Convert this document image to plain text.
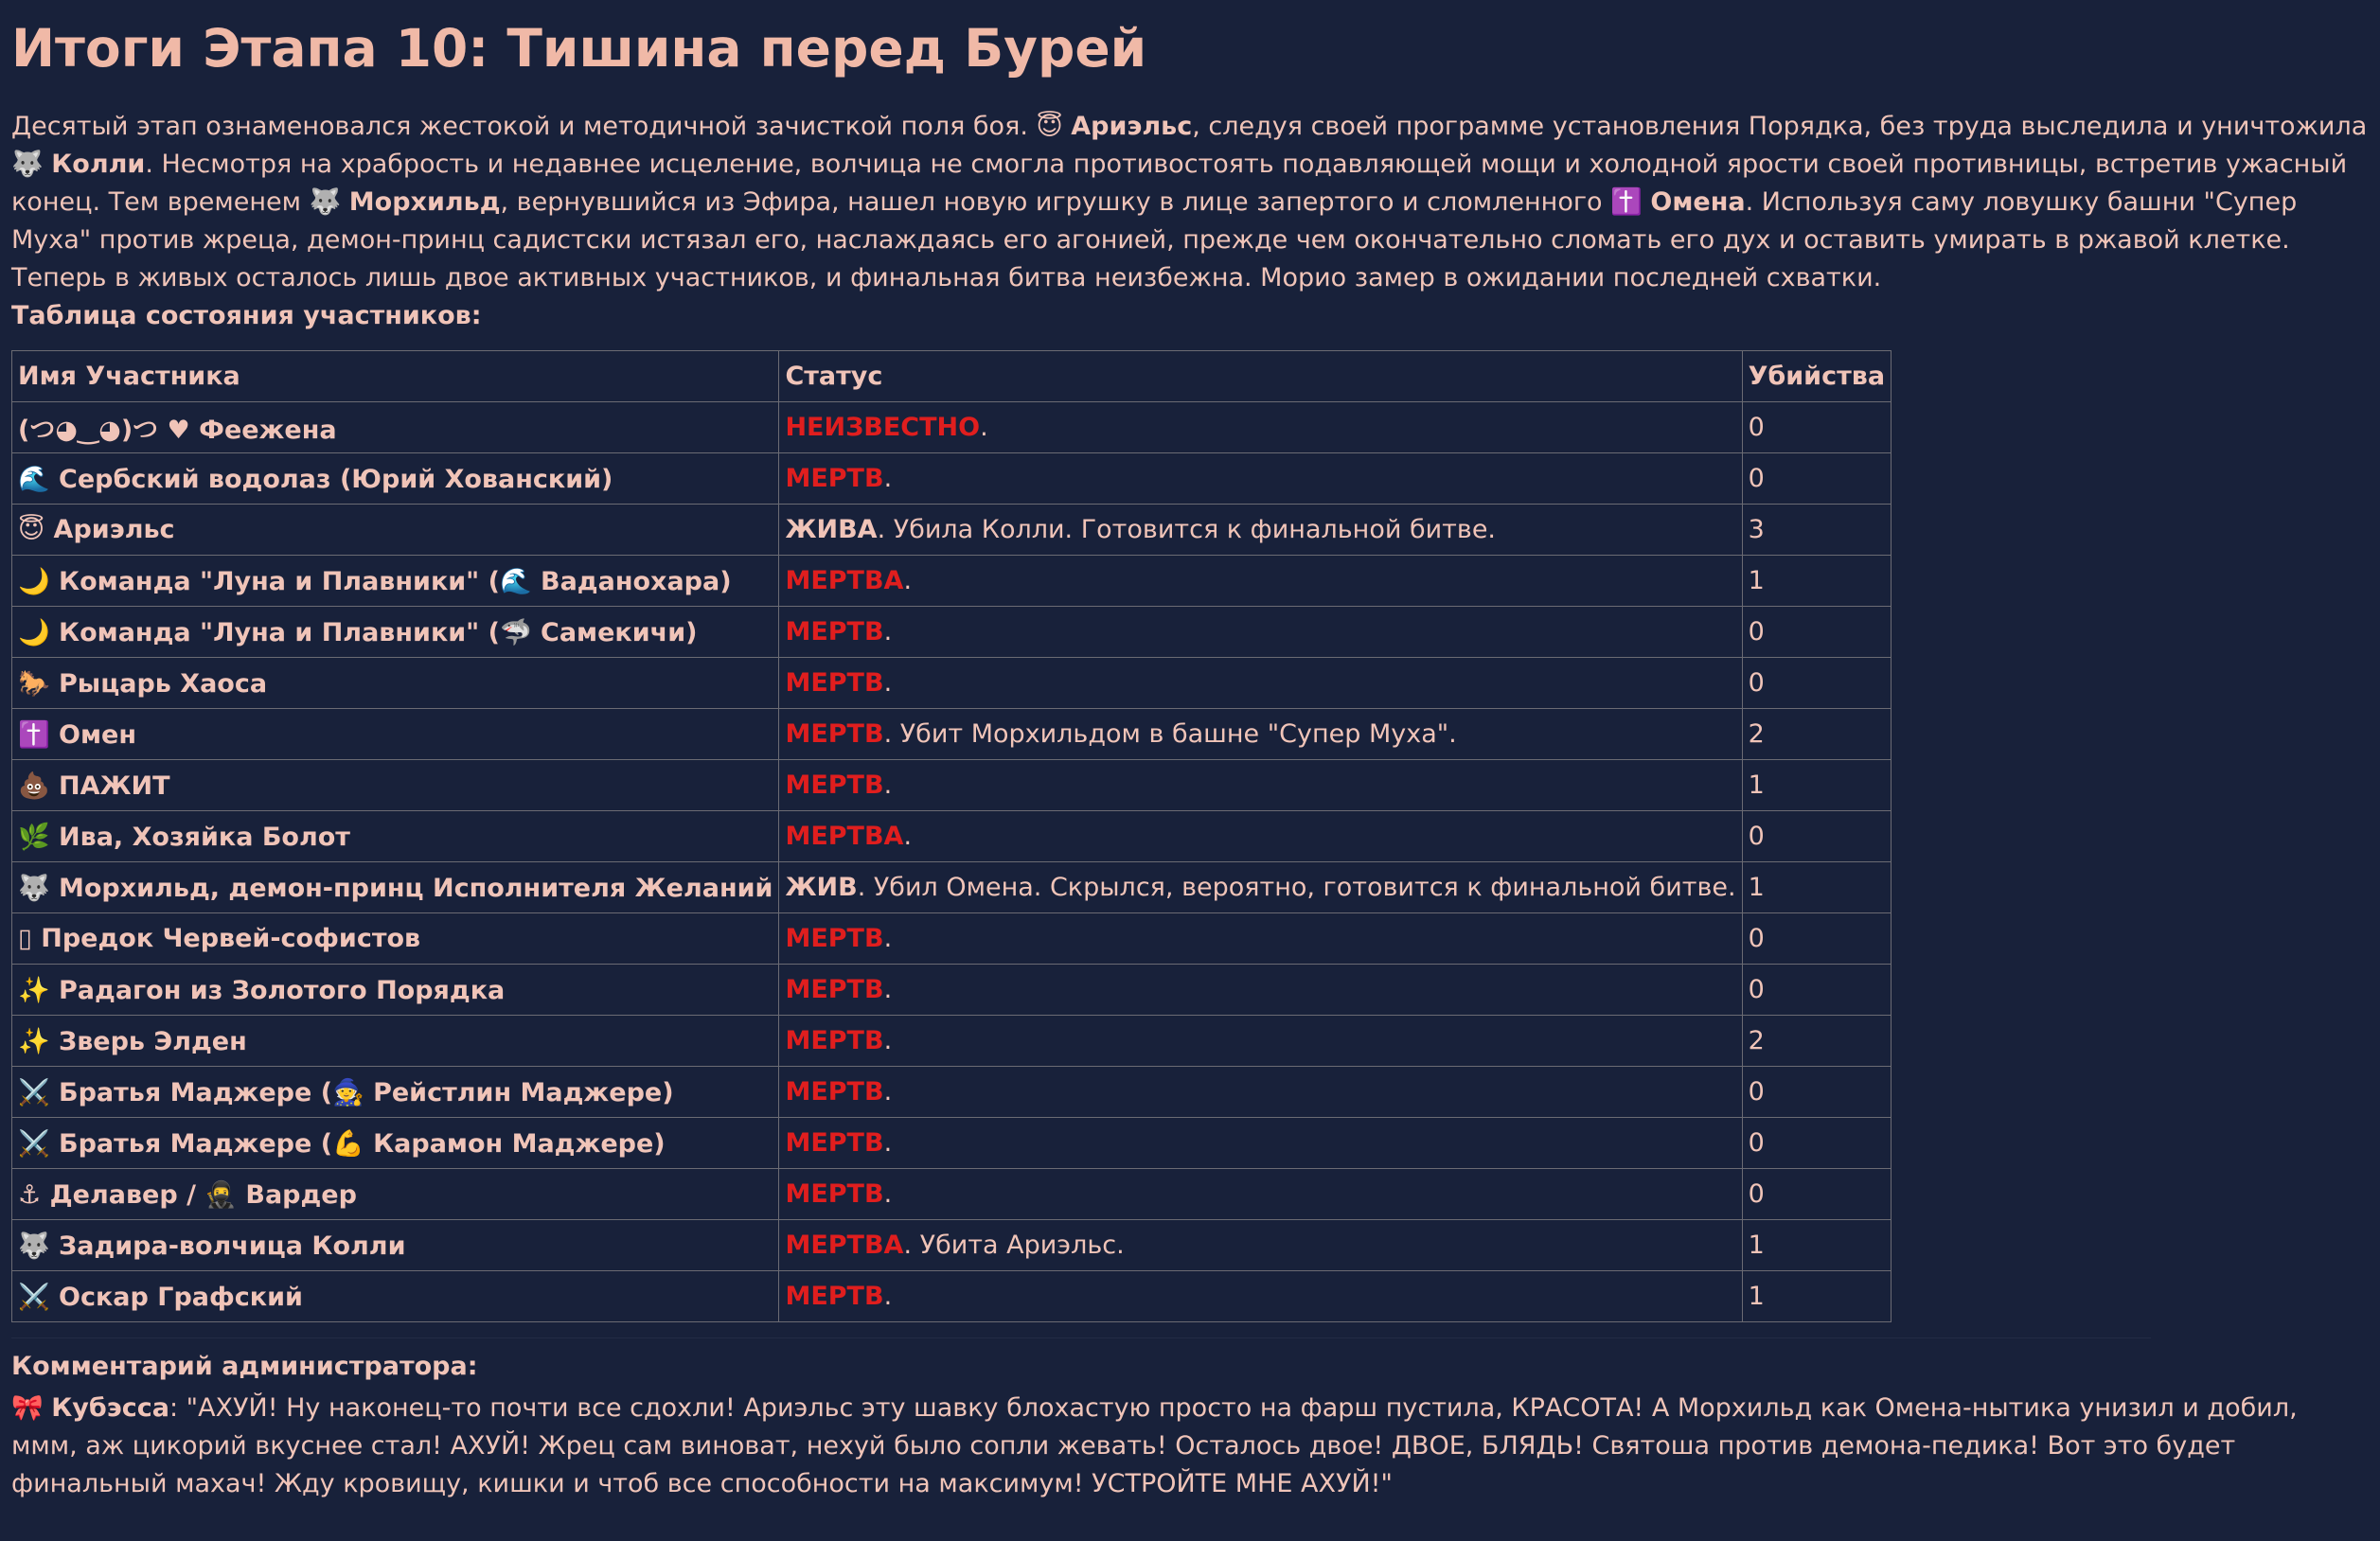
Итоги Этапа 10: Тишина перед Бурей

Десятый этап ознаменовался жестокой и методичной зачисткой поля боя. 😇 Ариэльс, следуя своей программе установления Порядка, без труда выследила и уничтожила 🐺 Колли. Несмотря на храбрость и недавнее исцеление, волчица не смогла противостоять подавляющей мощи и холодной ярости своей противницы, встретив ужасный конец. Тем временем 🐺 Морхильд, вернувшийся из Эфира, нашел новую игрушку в лице запертого и сломленного ✝️ Омена. Используя саму ловушку башни "Супер Муха" против жреца, демон-принц садистски истязал его, наслаждаясь его агонией, прежде чем окончательно сломать его дух и оставить умирать в ржавой клетке. Теперь в живых осталось лишь двое активных участников, и финальная битва неизбежна. Морио замер в ожидании последней схватки.

Таблица состояния участников:
Имя Участника	Статус	Убийства
(つ◕‿◕)つ ♥ Феежена	НЕИЗВЕСТНО.	0
🌊 Сербский водолаз (Юрий Хованский)	МЕРТВ.	0
😇 Ариэльс	ЖИВА. Убила Колли. Готовится к финальной битве.	3
🌙 Команда "Луна и Плавники" (🌊 Ваданохара)	МЕРТВА.	1
🌙 Команда "Луна и Плавники" (🦈 Самекичи)	МЕРТВ.	0
🐎 Рыцарь Хаоса	МЕРТВ.	0
✝️ Омен	МЕРТВ. Убит Морхильдом в башне "Супер Муха".	2
💩 ПАЖИТ	МЕРТВ.	1
🌿 Ива, Хозяйка Болот	МЕРТВА.	0
🐺 Морхильд, демон-принц Исполнителя Желаний	ЖИВ. Убил Омена. Скрылся, вероятно, готовится к финальной битве.	1
▯ Предок Червей-софистов	МЕРТВ.	0
✨ Радагон из Золотого Порядка	МЕРТВ.	0
✨ Зверь Элден	МЕРТВ.	2
⚔️ Братья Маджере (🧙 Рейстлин Маджере)	МЕРТВ.	0
⚔️ Братья Маджере (💪 Карамон Маджере)	МЕРТВ.	0
⚓ Делавер / 🥷 Вардер	МЕРТВ.	0
🐺 Задира-волчица Колли	МЕРТВА. Убита Ариэльс.	1
⚔️ Оскар Графский	МЕРТВ.	1
Комментарий администратора:

🎀 Кубэсса: "АХУЙ! Ну наконец-то почти все сдохли! Ариэльс эту шавку блохастую просто на фарш пустила, КРАСОТА! А Морхильд как Омена-нытика унизил и добил, ммм, аж цикорий вкуснее стал! АХУЙ! Жрец сам виноват, нехуй было сопли жевать! Осталось двое! ДВОЕ, БЛЯДЬ! Святоша против демона-педика! Вот это будет финальный махач! Жду кровищу, кишки и чтоб все способности на максимум! УСТРОЙТЕ МНЕ АХУЙ!"
